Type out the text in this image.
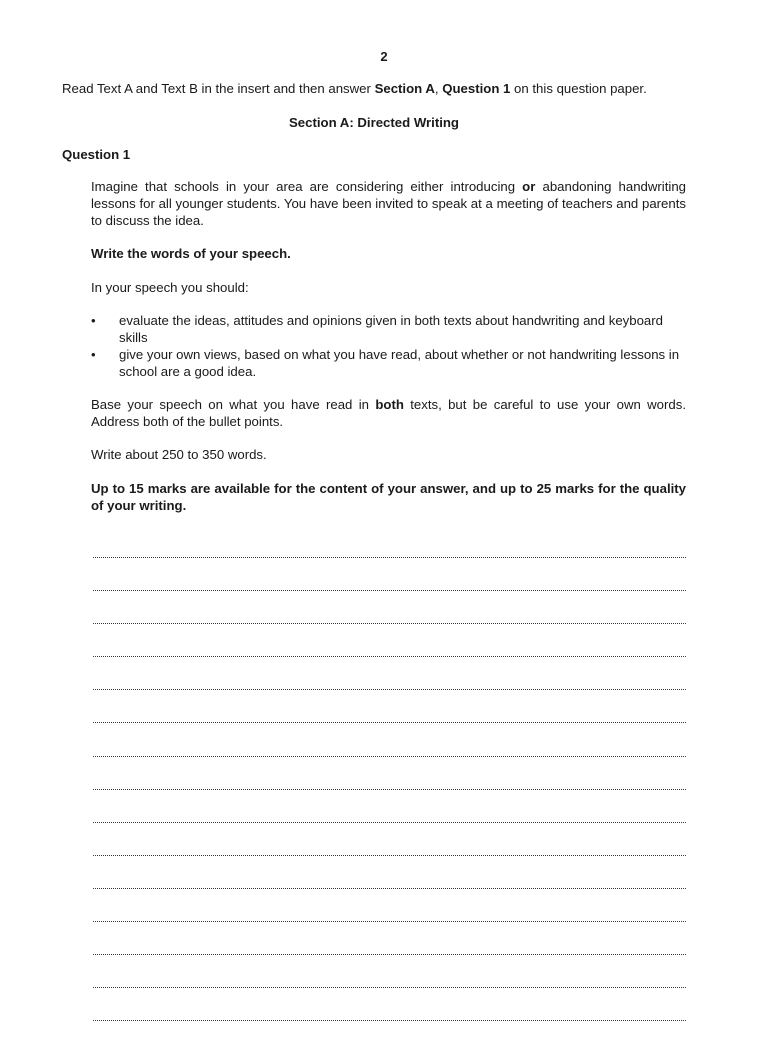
2
Read Text A and Text B in the insert and then answer Section A, Question 1 on this question paper.
Section A: Directed Writing
Question 1
Imagine that schools in your area are considering either introducing or abandoning handwriting lessons for all younger students. You have been invited to speak at a meeting of teachers and parents to discuss the idea.
Write the words of your speech.
In your speech you should:
• evaluate the ideas, attitudes and opinions given in both texts about handwriting and keyboard skills
• give your own views, based on what you have read, about whether or not handwriting lessons in school are a good idea.
Base your speech on what you have read in both texts, but be careful to use your own words. Address both of the bullet points.
Write about 250 to 350 words.
Up to 15 marks are available for the content of your answer, and up to 25 marks for the quality of your writing.
